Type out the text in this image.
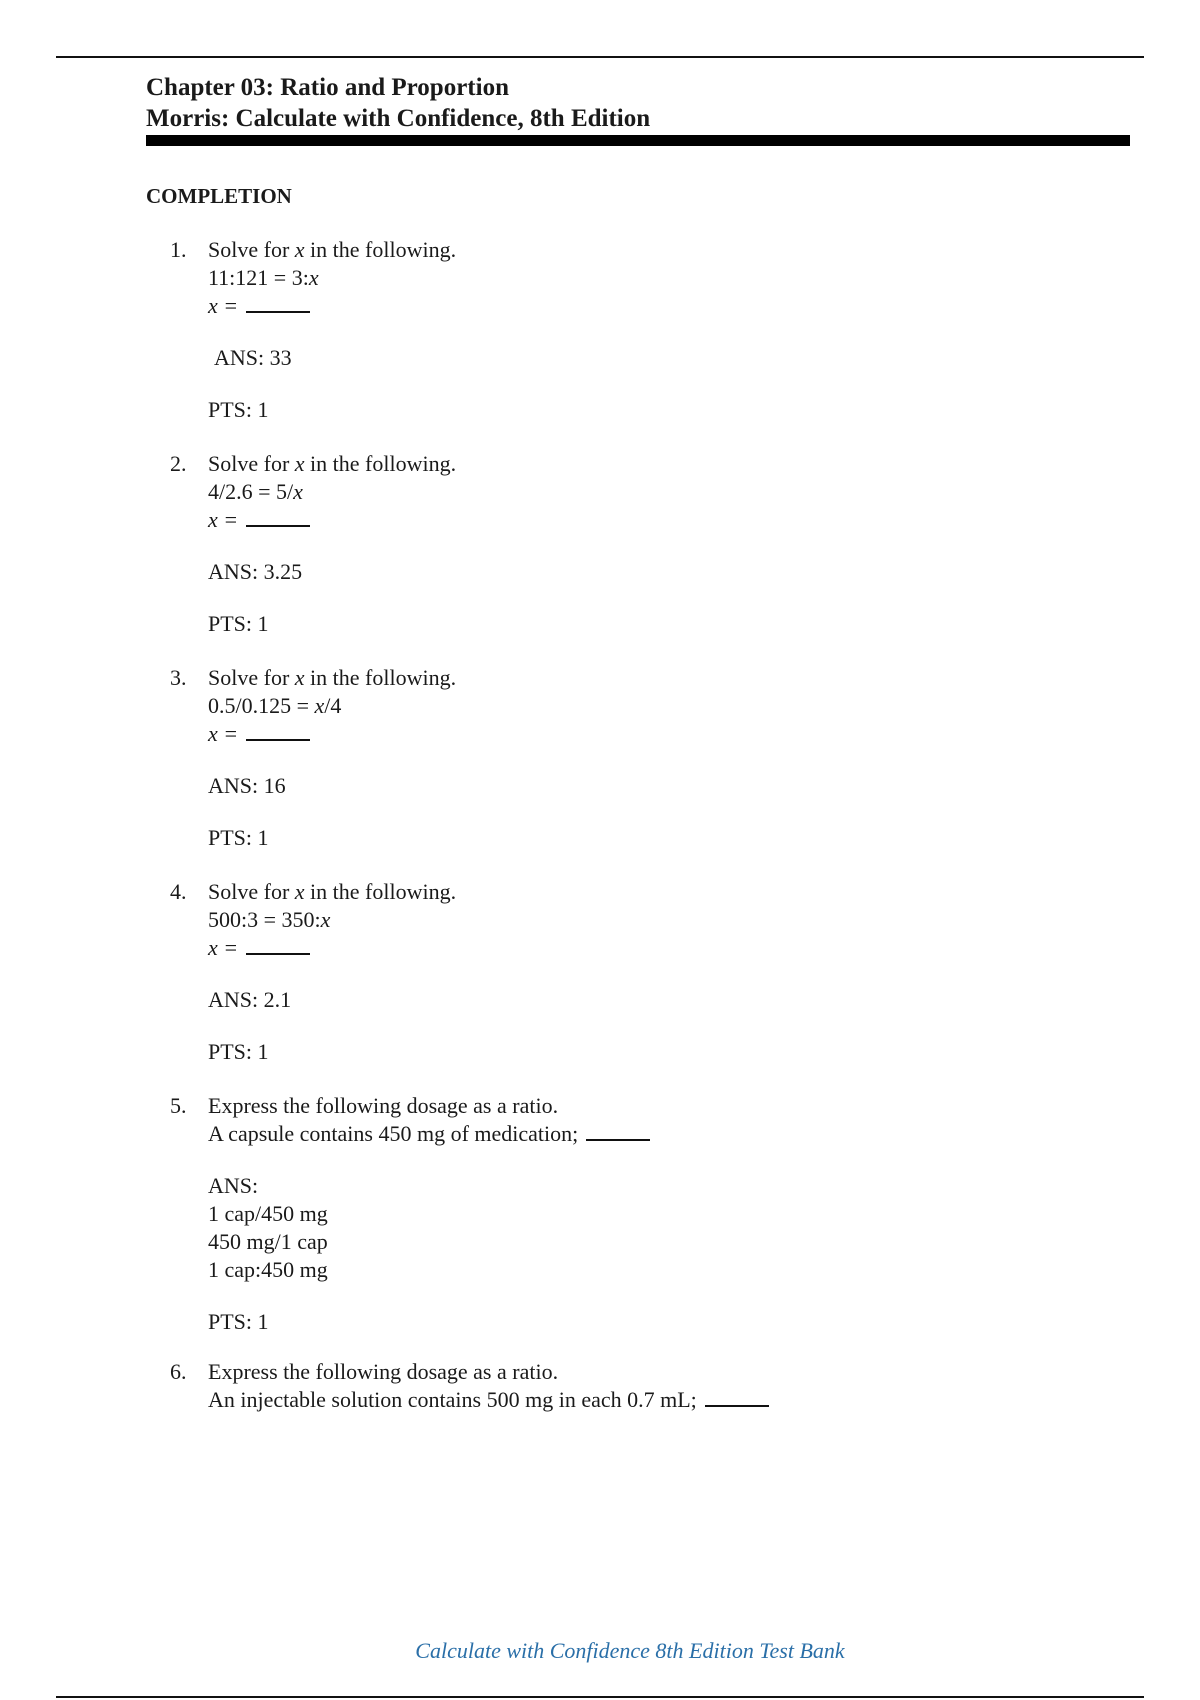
Chapter 03: Ratio and Proportion

Morris: Calculate with Confidence, 8th Edition

COMPLETION

1. Solve for x in the following.
11:121 = 3:x
x =
ANS: 33
PTS: 1
2. Solve for x in the following.
4/2.6 = 5/x
x =
ANS: 3.25
PTS: 1
3. Solve for x in the following.
0.5/0.125 = x/4
x =
ANS: 16
PTS: 1
4. Solve for x in the following.
500:3 = 350:x
x =
ANS: 2.1
PTS: 1
5. Express the following dosage as a ratio.
A capsule contains 450 mg of medication;
ANS:
1 cap/450 mg
450 mg/1 cap
1 cap:450 mg
PTS: 1
6. Express the following dosage as a ratio.
An injectable solution contains 500 mg in each 0.7 mL;
Calculate with Confidence 8th Edition Test Bank
